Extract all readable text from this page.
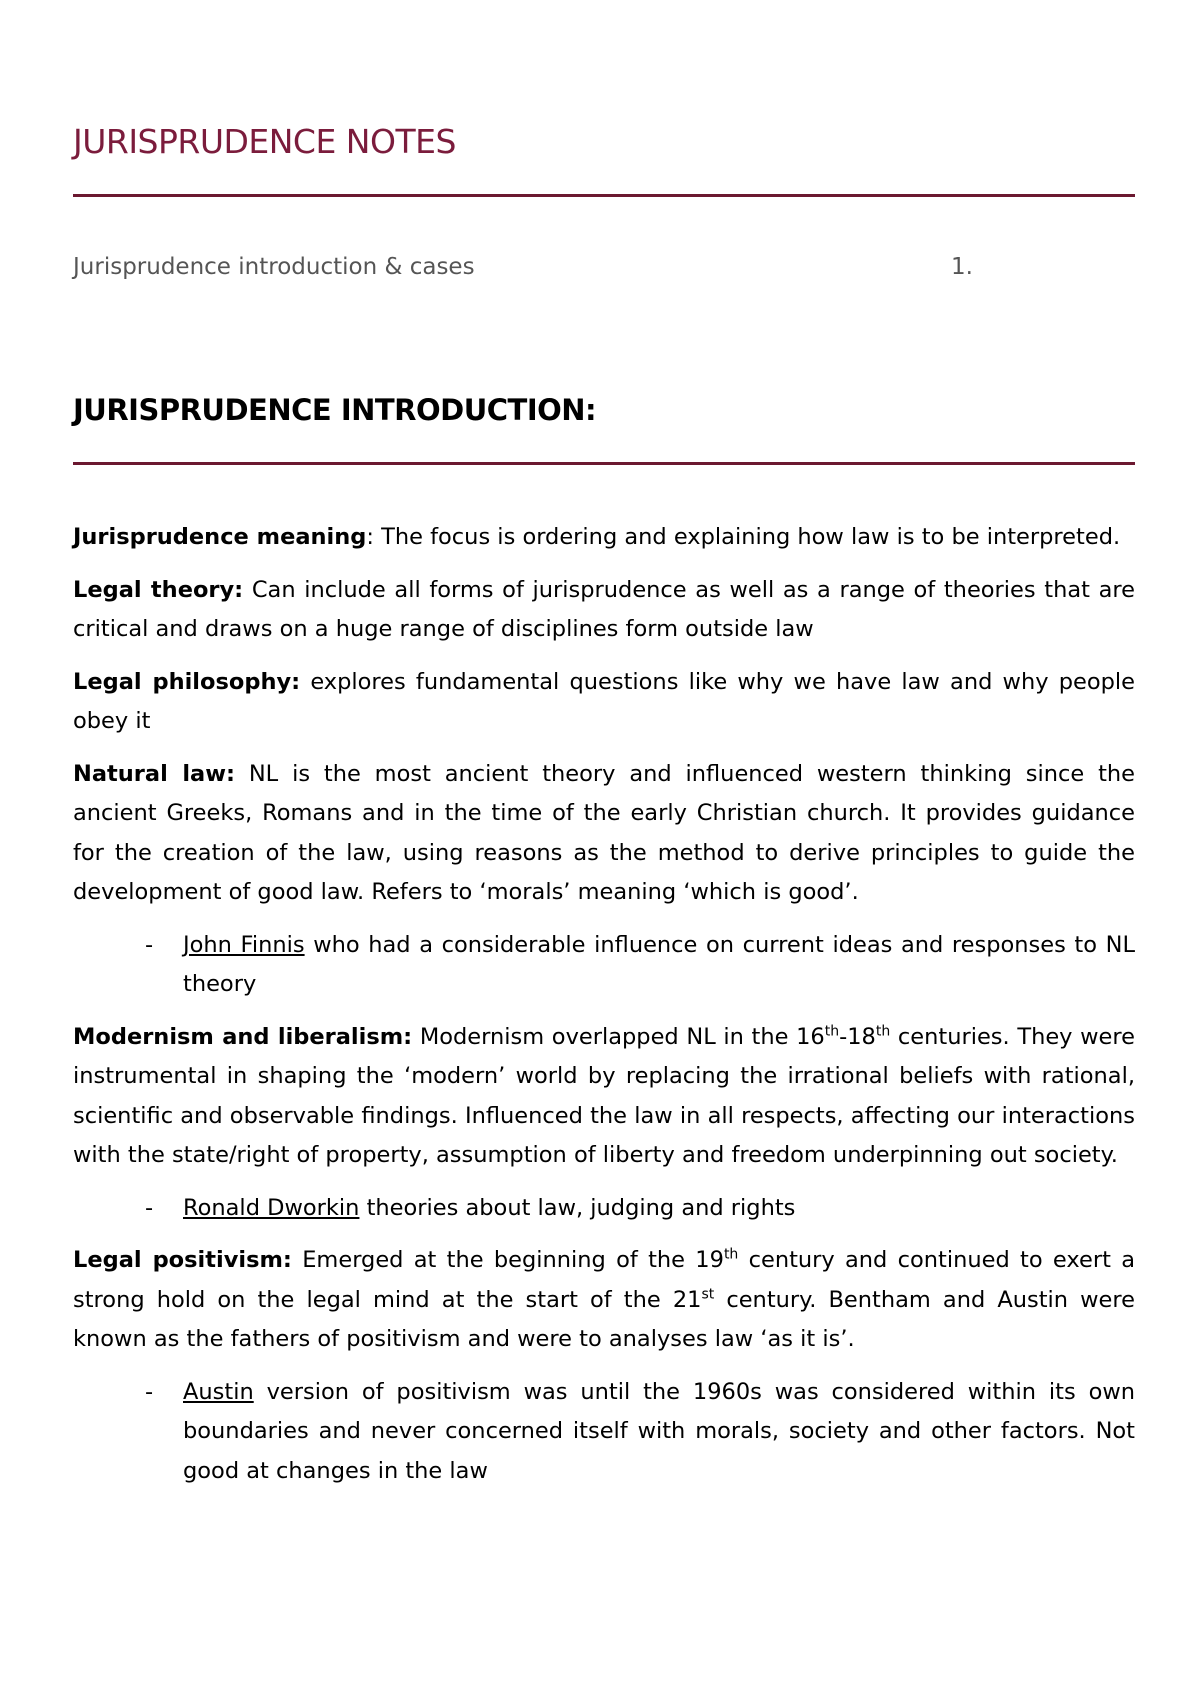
JURISPRUDENCE NOTES
Jurisprudence introduction & cases	1.
JURISPRUDENCE INTRODUCTION:

Jurisprudence meaning: The focus is ordering and explaining how law is to be interpreted.

Legal theory: Can include all forms of jurisprudence as well as a range of theories that are critical and draws on a huge range of disciplines form outside law

Legal philosophy: explores fundamental questions like why we have law and why people obey it

Natural law: NL is the most ancient theory and influenced western thinking since the ancient Greeks, Romans and in the time of the early Christian church. It provides guidance for the creation of the law, using reasons as the method to derive principles to guide the development of good law. Refers to ‘morals’ meaning ‘which is good’.

- John Finnis who had a considerable influence on current ideas and responses to NL theory

Modernism and liberalism: Modernism overlapped NL in the 16th-18th centuries. They were instrumental in shaping the ‘modern’ world by replacing the irrational beliefs with rational, scientific and observable findings. Influenced the law in all respects, affecting our interactions with the state/right of property, assumption of liberty and freedom underpinning out society.

- Ronald Dworkin theories about law, judging and rights

Legal positivism: Emerged at the beginning of the 19th century and continued to exert a strong hold on the legal mind at the start of the 21st century. Bentham and Austin were known as the fathers of positivism and were to analyses law ‘as it is’.

- Austin version of positivism was until the 1960s was considered within its own boundaries and never concerned itself with morals, society and other factors. Not good at changes in the law
